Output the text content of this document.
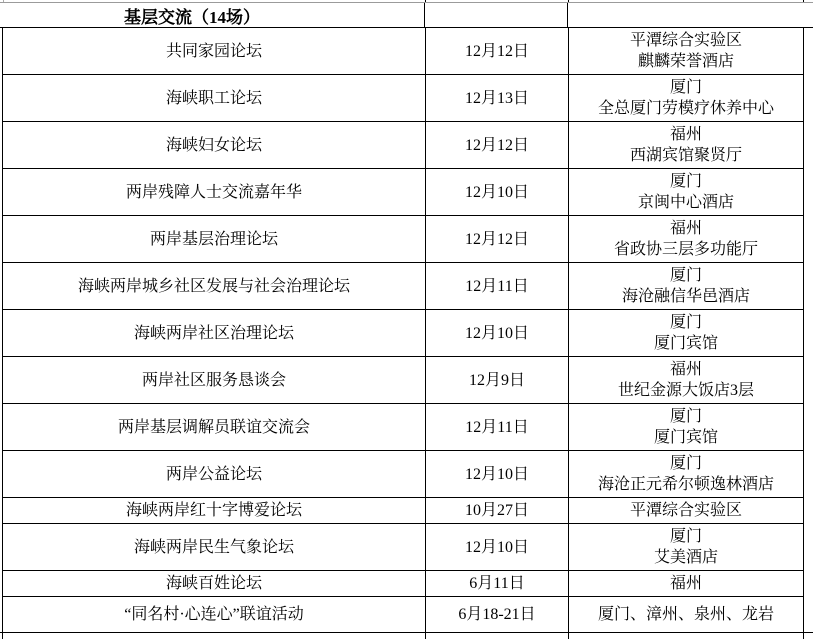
基层交流（14场）
共同家园论坛	12月12日	平潭综合实验区
麒麟荣誉酒店

海峡职工论坛	12月13日	厦门
全总厦门劳模疗休养中心

海峡妇女论坛	12月12日	福州
西湖宾馆聚贤厅

两岸残障人士交流嘉年华	12月10日	厦门
京闽中心酒店

两岸基层治理论坛	12月12日	福州
省政协三层多功能厅

海峡两岸城乡社区发展与社会治理论坛	12月11日	厦门
海沧融信华邑酒店

海峡两岸社区治理论坛	12月10日	厦门
厦门宾馆

两岸社区服务恳谈会	12月9日	福州
世纪金源大饭店3层

两岸基层调解员联谊交流会	12月11日	厦门
厦门宾馆

两岸公益论坛	12月10日	厦门
海沧正元希尔顿逸林酒店

海峡两岸红十字博爱论坛	10月27日	平潭综合实验区

海峡两岸民生气象论坛	12月10日	厦门
艾美酒店

海峡百姓论坛	6月11日	福州

“同名村·心连心”联谊活动	6月18-21日	厦门、漳州、泉州、龙岩
